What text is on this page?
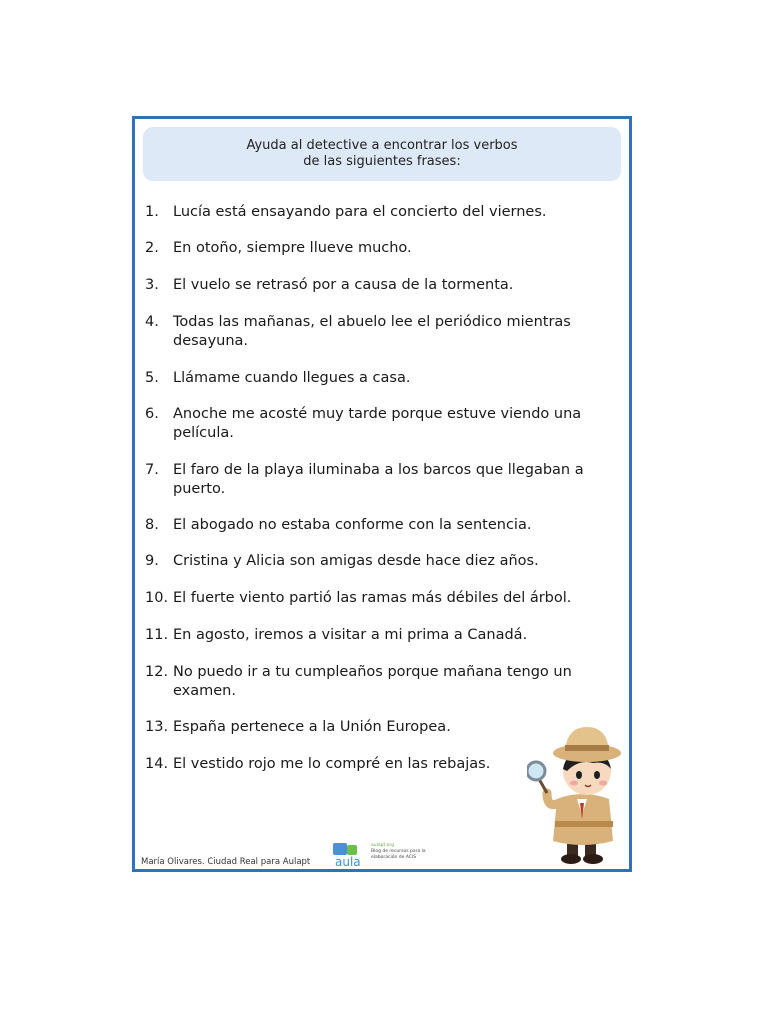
Ayuda al detective a encontrar los verbos
de las siguientes frases:
1. Lucía está ensayando para el concierto del viernes.
2. En otoño, siempre llueve mucho.
3. El vuelo se retrasó por a causa de la tormenta.
4. Todas las mañanas, el abuelo lee el periódico mientras desayuna.
5. Llámame cuando llegues a casa.
6. Anoche me acosté muy tarde porque estuve viendo una película.
7. El faro de la playa iluminaba a los barcos que llegaban a puerto.
8. El abogado no estaba conforme con la sentencia.
9. Cristina y Alicia son amigas desde hace diez años.
10. El fuerte viento partió las ramas más débiles del árbol.
11. En agosto, iremos a visitar a mi prima a Canadá.
12. No puedo ir a tu cumpleaños porque mañana tengo un examen.
13. España pertenece a la Unión Europea.
14. El vestido rojo me lo compré en las rebajas.
María Olivares. Ciudad Real para Aulapt aula
aulapt.org
Blog de recursos para la elaboración de ACIS
